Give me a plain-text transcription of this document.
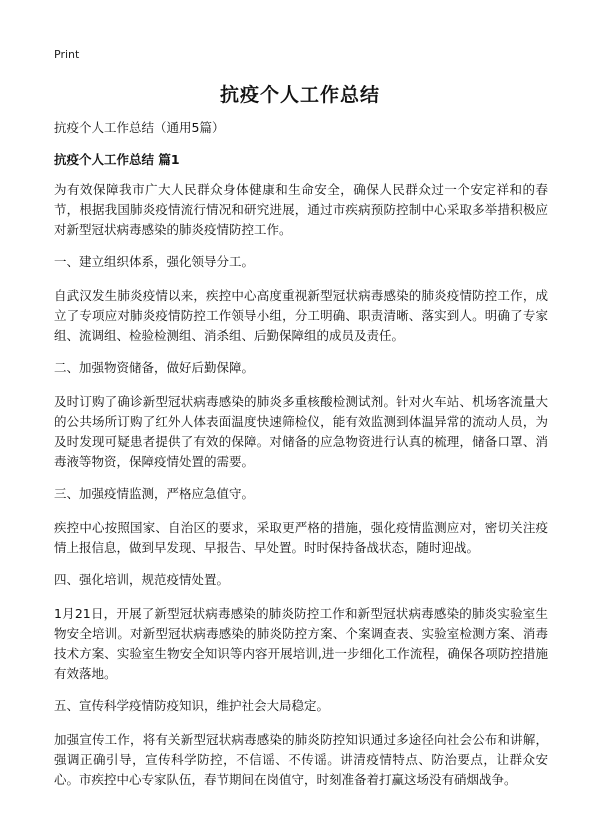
Print
抗疫个人工作总结

抗疫个人工作总结（通用5篇）

抗疫个人工作总结 篇1

为有效保障我市广大人民群众身体健康和生命安全，确保人民群众过一个安定祥和的春节，根据我国肺炎疫情流行情况和研究进展，通过市疾病预防控制中心采取多举措积极应对新型冠状病毒感染的肺炎疫情防控工作。

一、建立组织体系，强化领导分工。

自武汉发生肺炎疫情以来，疾控中心高度重视新型冠状病毒感染的肺炎疫情防控工作，成立了专项应对肺炎疫情防控工作领导小组，分工明确、职责清晰、落实到人。明确了专家组、流调组、检验检测组、消杀组、后勤保障组的成员及责任。

二、加强物资储备，做好后勤保障。

及时订购了确诊新型冠状病毒感染的肺炎多重核酸检测试剂。针对火车站、机场客流量大的公共场所订购了红外人体表面温度快速筛检仪，能有效监测到体温异常的流动人员，为及时发现可疑患者提供了有效的保障。对储备的应急物资进行认真的梳理，储备口罩、消毒液等物资，保障疫情处置的需要。

三、加强疫情监测，严格应急值守。

疾控中心按照国家、自治区的要求，采取更严格的措施，强化疫情监测应对，密切关注疫情上报信息，做到早发现、早报告、早处置。时时保持备战状态，随时迎战。

四、强化培训，规范疫情处置。

1月21日，开展了新型冠状病毒感染的肺炎防控工作和新型冠状病毒感染的肺炎实验室生物安全培训。对新型冠状病毒感染的肺炎防控方案、个案调查表、实验室检测方案、消毒技术方案、实验室生物安全知识等内容开展培训,进一步细化工作流程，确保各项防控措施有效落地。

五、宣传科学疫情防疫知识，维护社会大局稳定。

加强宣传工作，将有关新型冠状病毒感染的肺炎防控知识通过多途径向社会公布和讲解，强调正确引导，宣传科学防控，不信谣、不传谣。讲清疫情特点、防治要点，让群众安心。市疾控中心专家队伍，春节期间在岗值守，时刻准备着打赢这场没有硝烟战争。
